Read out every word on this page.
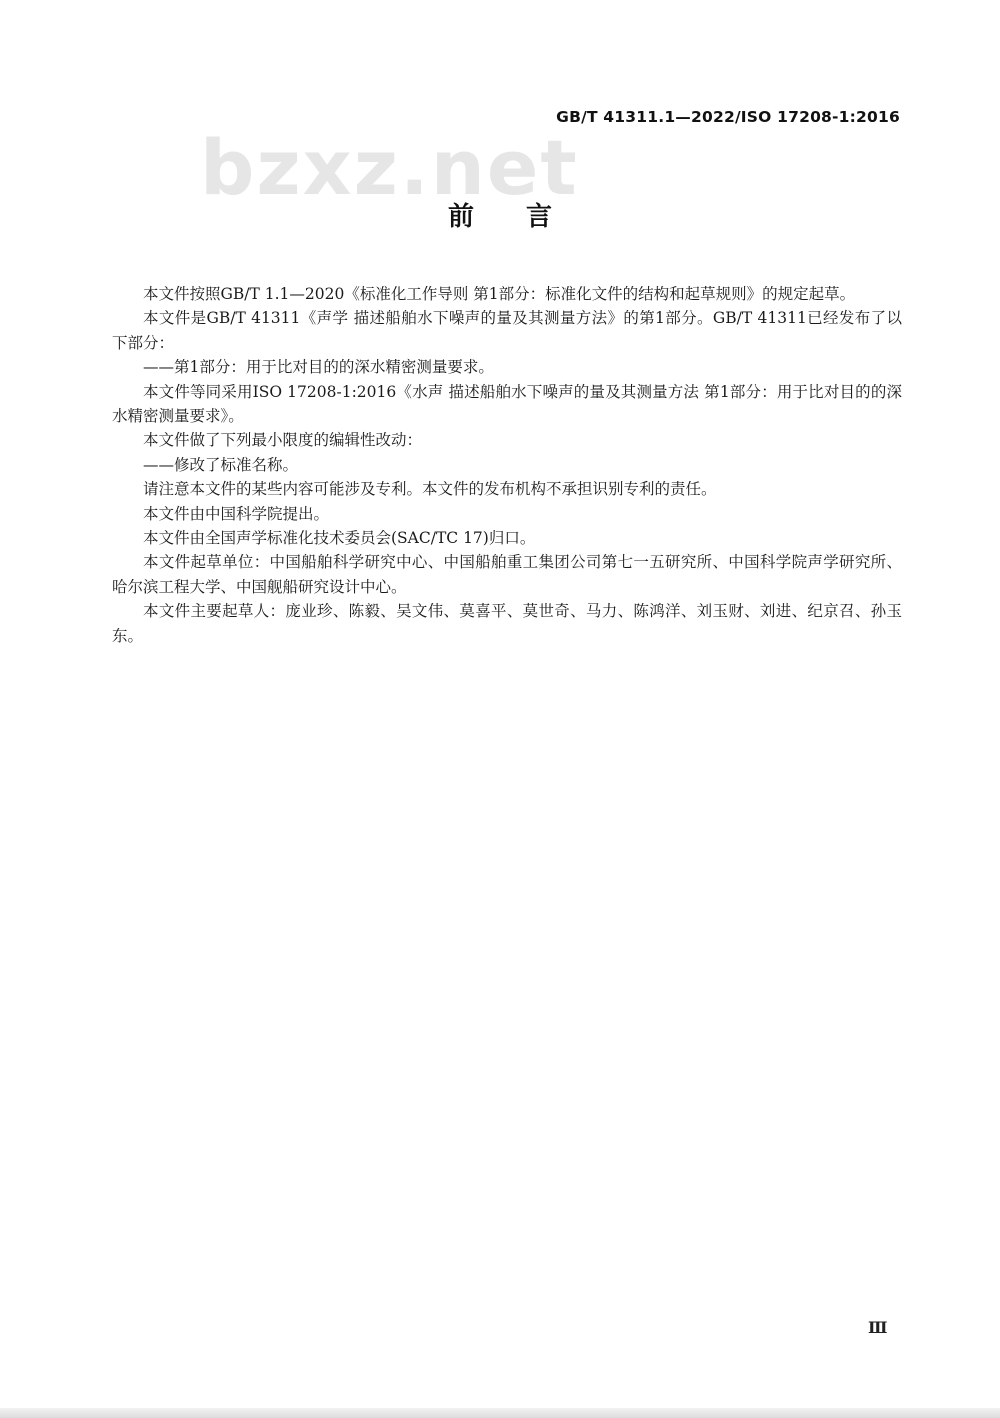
bzxz.net
GB/T 41311.1—2022/ISO 17208-1:2016
前言

本文件按照GB/T 1.1—2020《标准化工作导则 第1部分：标准化文件的结构和起草规则》的规定起草。

本文件是GB/T 41311《声学 描述船舶水下噪声的量及其测量方法》的第1部分。GB/T 41311已经发布了以下部分：

——第1部分：用于比对目的的深水精密测量要求。

本文件等同采用ISO 17208-1:2016《水声 描述船舶水下噪声的量及其测量方法 第1部分：用于比对目的的深水精密测量要求》。

本文件做了下列最小限度的编辑性改动：

——修改了标准名称。

请注意本文件的某些内容可能涉及专利。本文件的发布机构不承担识别专利的责任。

本文件由中国科学院提出。

本文件由全国声学标准化技术委员会(SAC/TC 17)归口。

本文件起草单位：中国船舶科学研究中心、中国船舶重工集团公司第七一五研究所、中国科学院声学研究所、哈尔滨工程大学、中国舰船研究设计中心。

本文件主要起草人：庞业珍、陈毅、吴文伟、莫喜平、莫世奇、马力、陈鸿洋、刘玉财、刘进、纪京召、孙玉东。

Ⅲ
